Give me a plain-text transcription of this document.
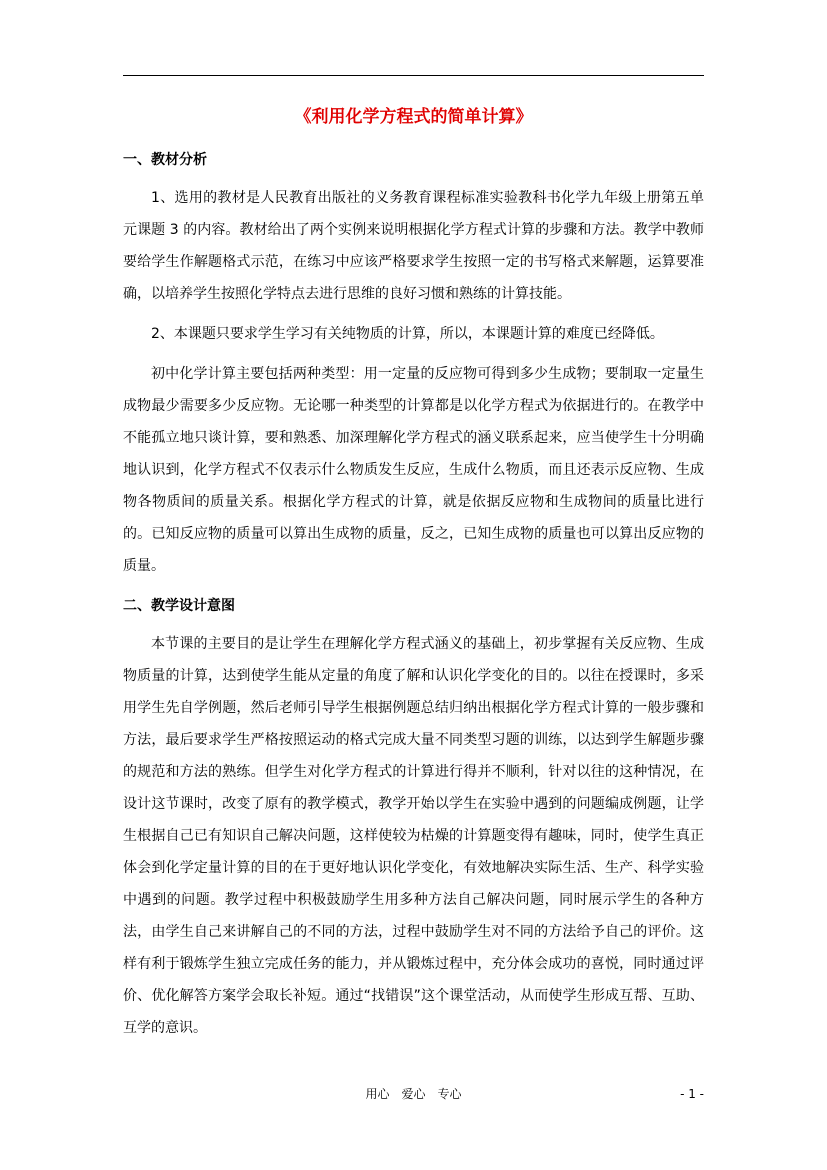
《利用化学方程式的简单计算》

一、教材分析

1、选用的教材是人民教育出版社的义务教育课程标准实验教科书化学九年级上册第五单元课题 3 的内容。教材给出了两个实例来说明根据化学方程式计算的步骤和方法。教学中教师要给学生作解题格式示范，在练习中应该严格要求学生按照一定的书写格式来解题，运算要准确，以培养学生按照化学特点去进行思维的良好习惯和熟练的计算技能。

2、本课题只要求学生学习有关纯物质的计算，所以，本课题计算的难度已经降低。

初中化学计算主要包括两种类型：用一定量的反应物可得到多少生成物；要制取一定量生成物最少需要多少反应物。无论哪一种类型的计算都是以化学方程式为依据进行的。在教学中不能孤立地只谈计算，要和熟悉、加深理解化学方程式的涵义联系起来，应当使学生十分明确地认识到，化学方程式不仅表示什么物质发生反应，生成什么物质，而且还表示反应物、生成物各物质间的质量关系。根据化学方程式的计算，就是依据反应物和生成物间的质量比进行的。已知反应物的质量可以算出生成物的质量，反之，已知生成物的质量也可以算出反应物的质量。

二、教学设计意图

本节课的主要目的是让学生在理解化学方程式涵义的基础上，初步掌握有关反应物、生成物质量的计算，达到使学生能从定量的角度了解和认识化学变化的目的。以往在授课时，多采用学生先自学例题，然后老师引导学生根据例题总结归纳出根据化学方程式计算的一般步骤和方法，最后要求学生严格按照运动的格式完成大量不同类型习题的训练，以达到学生解题步骤的规范和方法的熟练。但学生对化学方程式的计算进行得并不顺利，针对以往的这种情况，在设计这节课时，改变了原有的教学模式，教学开始以学生在实验中遇到的问题编成例题，让学生根据自己已有知识自己解决问题，这样使较为枯燥的计算题变得有趣味，同时，使学生真正体会到化学定量计算的目的在于更好地认识化学变化，有效地解决实际生活、生产、科学实验中遇到的问题。教学过程中积极鼓励学生用多种方法自己解决问题，同时展示学生的各种方法，由学生自己来讲解自己的不同的方法，过程中鼓励学生对不同的方法给予自己的评价。这样有利于锻炼学生独立完成任务的能力，并从锻炼过程中，充分体会成功的喜悦，同时通过评价、优化解答方案学会取长补短。通过“找错误”这个课堂活动，从而使学生形成互帮、互助、互学的意识。

用心　爱心　专心	- 1 -
